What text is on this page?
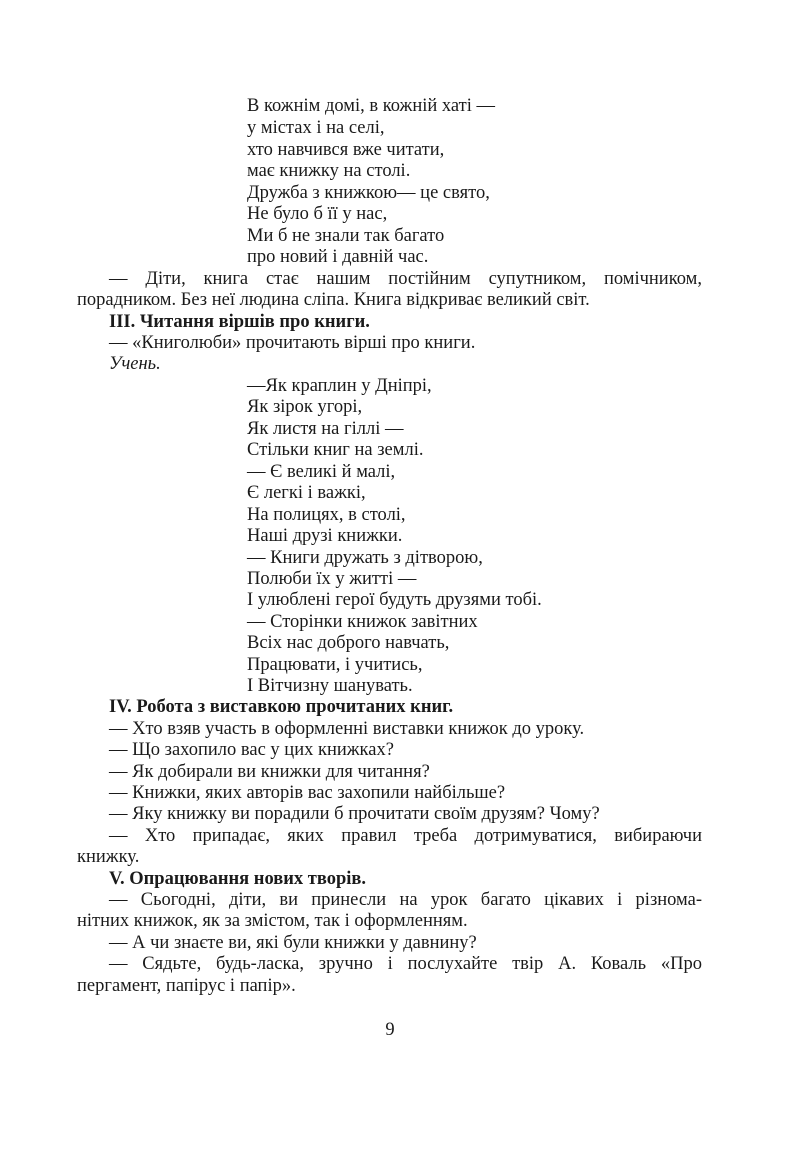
В кожнім домі, в кожній хаті —
у містах і на селі,
хто навчився вже читати,
має книжку на столі.
Дружба з книжкою— це свято,
Не було б її у нас,
Ми б не знали так багато
про новий і давній час.
— Діти, книга стає нашим постійним супутником, помічником,
порадником. Без неї людина сліпа. Книга відкриває великий світ.
ІІІ. Читання віршів про книги.
— «Книголюби» прочитають вірші про книги.
Учень.
—Як краплин у Дніпрі,
Як зірок угорі,
Як листя на гіллі —
Стільки книг на землі.
— Є великі й малі,
Є легкі і важкі,
На полицях, в столі,
Наші друзі книжки.
— Книги дружать з дітворою,
Полюби їх у житті —
І улюблені герої будуть друзями тобі.
— Сторінки книжок завітних
Всіх нас доброго навчать,
Працювати, і учитись,
І Вітчизну шанувать.
IV. Робота з виставкою прочитаних книг.
— Хто взяв участь в оформленні виставки книжок до уроку.
— Що захопило вас у цих книжках?
— Як добирали ви книжки для читання?
— Книжки, яких авторів вас захопили найбільше?
— Яку книжку ви порадили б прочитати своїм друзям? Чому?
— Хто припадає, яких правил треба дотримуватися, вибираючи
книжку.
V. Опрацювання нових творів.
— Сьогодні, діти, ви принесли на урок багато цікавих і різнома-
нітних книжок, як за змістом, так і оформленням.
— А чи знаєте ви, які були книжки у давнину?
— Сядьте, будь-ласка, зручно і послухайте твір А. Коваль «Про
пергамент, папірус і папір».
9
